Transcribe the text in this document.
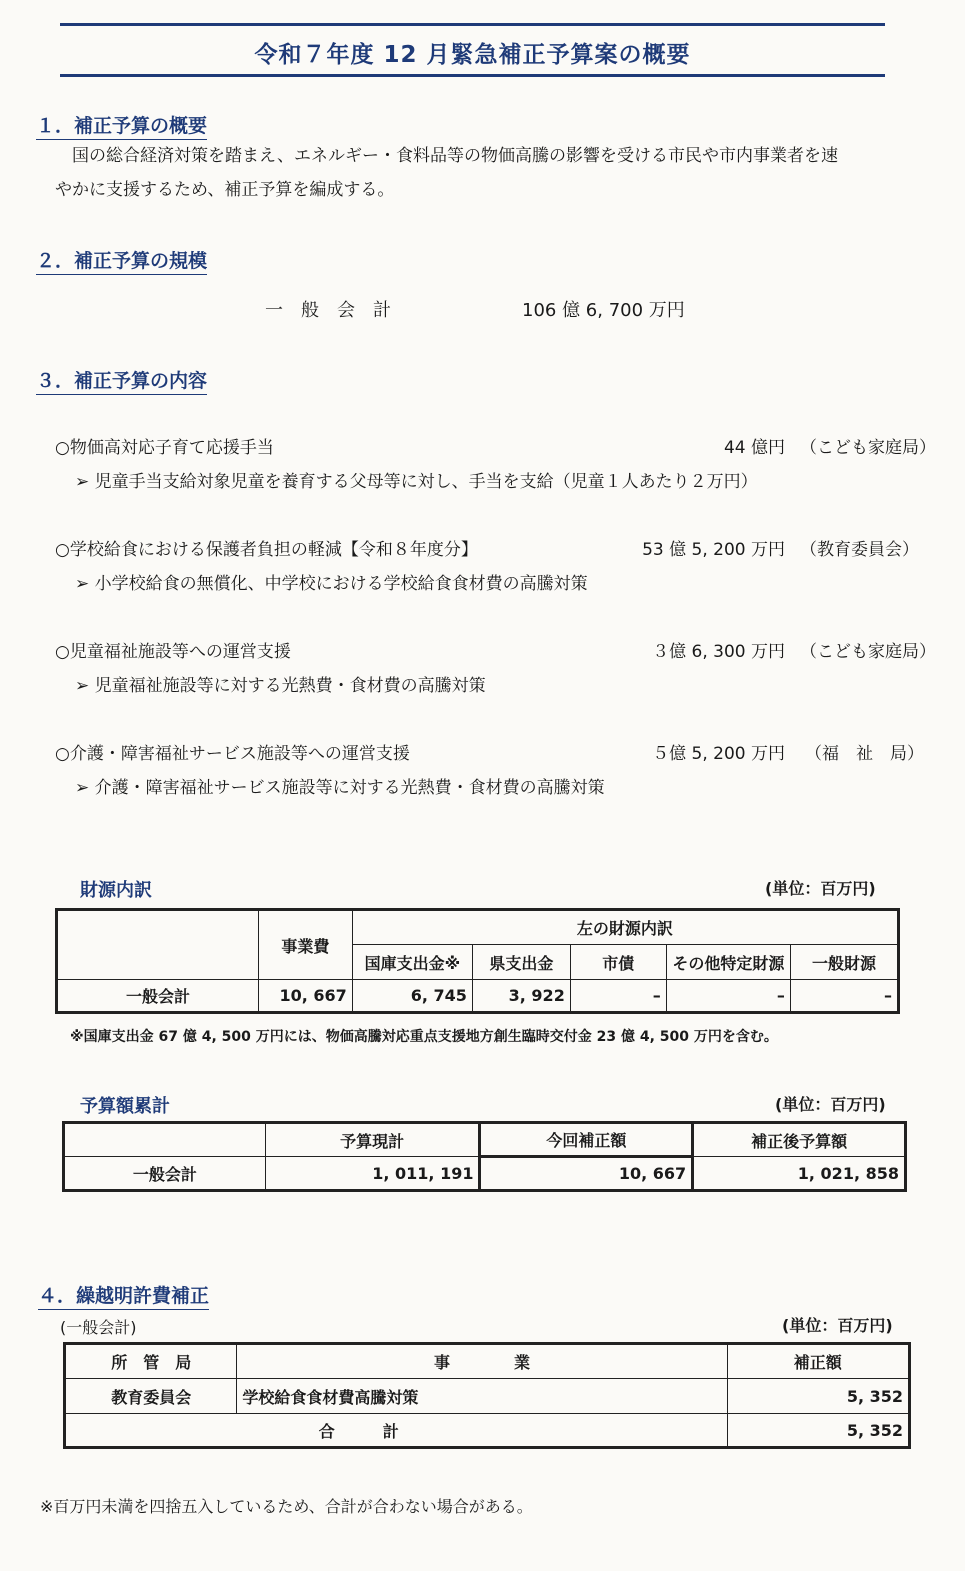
令和７年度 12 月緊急補正予算案の概要
１．補正予算の概要
国の総合経済対策を踏まえ、エネルギー・食料品等の物価高騰の影響を受ける市民や市内事業者を速
やかに支援するため、補正予算を編成する。
２．補正予算の規模
一　般　会　計	106 億 6, 700 万円
３．補正予算の内容
○物価高対応子育て応援手当	44 億円 （こども家庭局）
➢ 児童手当支給対象児童を養育する父母等に対し、手当を支給（児童１人あたり２万円）
○学校給食における保護者負担の軽減【令和８年度分】	53 億 5, 200 万円 （教育委員会）
➢ 小学校給食の無償化、中学校における学校給食食材費の高騰対策
○児童福祉施設等への運営支援	３億 6, 300 万円 （こども家庭局）
➢ 児童福祉施設等に対する光熱費・食材費の高騰対策
○介護・障害福祉サービス施設等への運営支援	５億 5, 200 万円 （福　祉　局）
➢ 介護・障害福祉サービス施設等に対する光熱費・食材費の高騰対策
財源内訳	(単位：百万円)
	事業費	左の財源内訳				
		国庫支出金※	県支出金	市債	その他特定財源	一般財源
一般会計	10, 667	6, 745	3, 922	–	–	–
※国庫支出金 67 億 4, 500 万円には、物価高騰対応重点支援地方創生臨時交付金 23 億 4, 500 万円を含む。
予算額累計	(単位：百万円)
	予算現計	今回補正額	補正後予算額
一般会計	1, 011, 191	10, 667	1, 021, 858
４．繰越明許費補正
(一般会計)	(単位：百万円)
所　管　局	事　　　　業	補正額
教育委員会	学校給食食材費高騰対策	5, 352
合　　　計		5, 352
※百万円未満を四捨五入しているため、合計が合わない場合がある。
